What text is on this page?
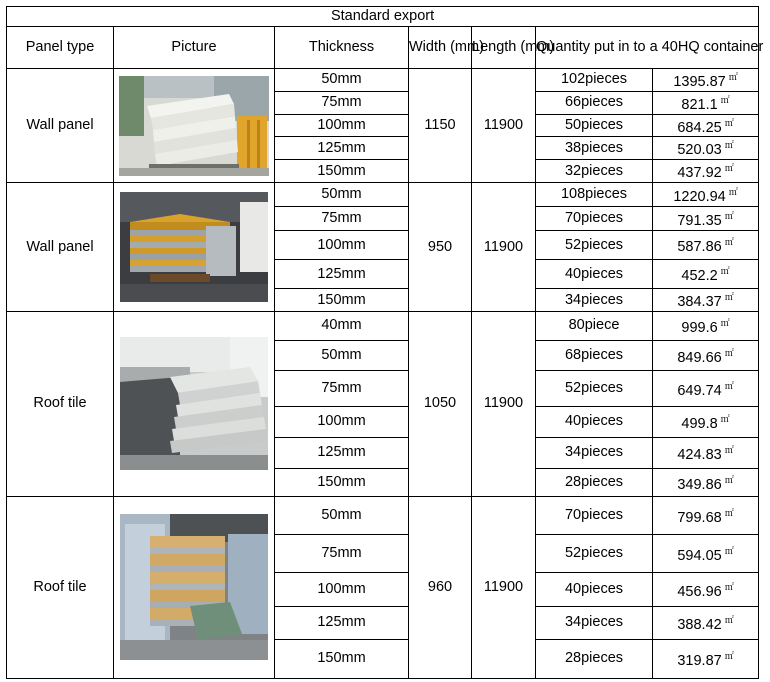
Standard export						
Panel type	Picture	Thickness	Width (mm)	Length (mm)	Quantity put in to a 40HQ container	
Wall panel		50mm	1150	11900	102pieces	1395.87 ㎡
		75mm			66pieces	821.1 ㎡
		100mm			50pieces	684.25 ㎡
		125mm			38pieces	520.03 ㎡
		150mm			32pieces	437.92 ㎡
Wall panel		50mm	950	11900	108pieces	1220.94 ㎡
		75mm			70pieces	791.35 ㎡
		100mm			52pieces	587.86 ㎡
		125mm			40pieces	452.2 ㎡
		150mm			34pieces	384.37 ㎡
Roof tile		40mm	1050	11900	80piece	999.6 ㎡
		50mm			68pieces	849.66 ㎡
		75mm			52pieces	649.74 ㎡
		100mm			40pieces	499.8 ㎡
		125mm			34pieces	424.83 ㎡
		150mm			28pieces	349.86 ㎡
Roof tile		50mm	960	11900	70pieces	799.68 ㎡
		75mm			52pieces	594.05 ㎡
		100mm			40pieces	456.96 ㎡
		125mm			34pieces	388.42 ㎡
		150mm			28pieces	319.87 ㎡
